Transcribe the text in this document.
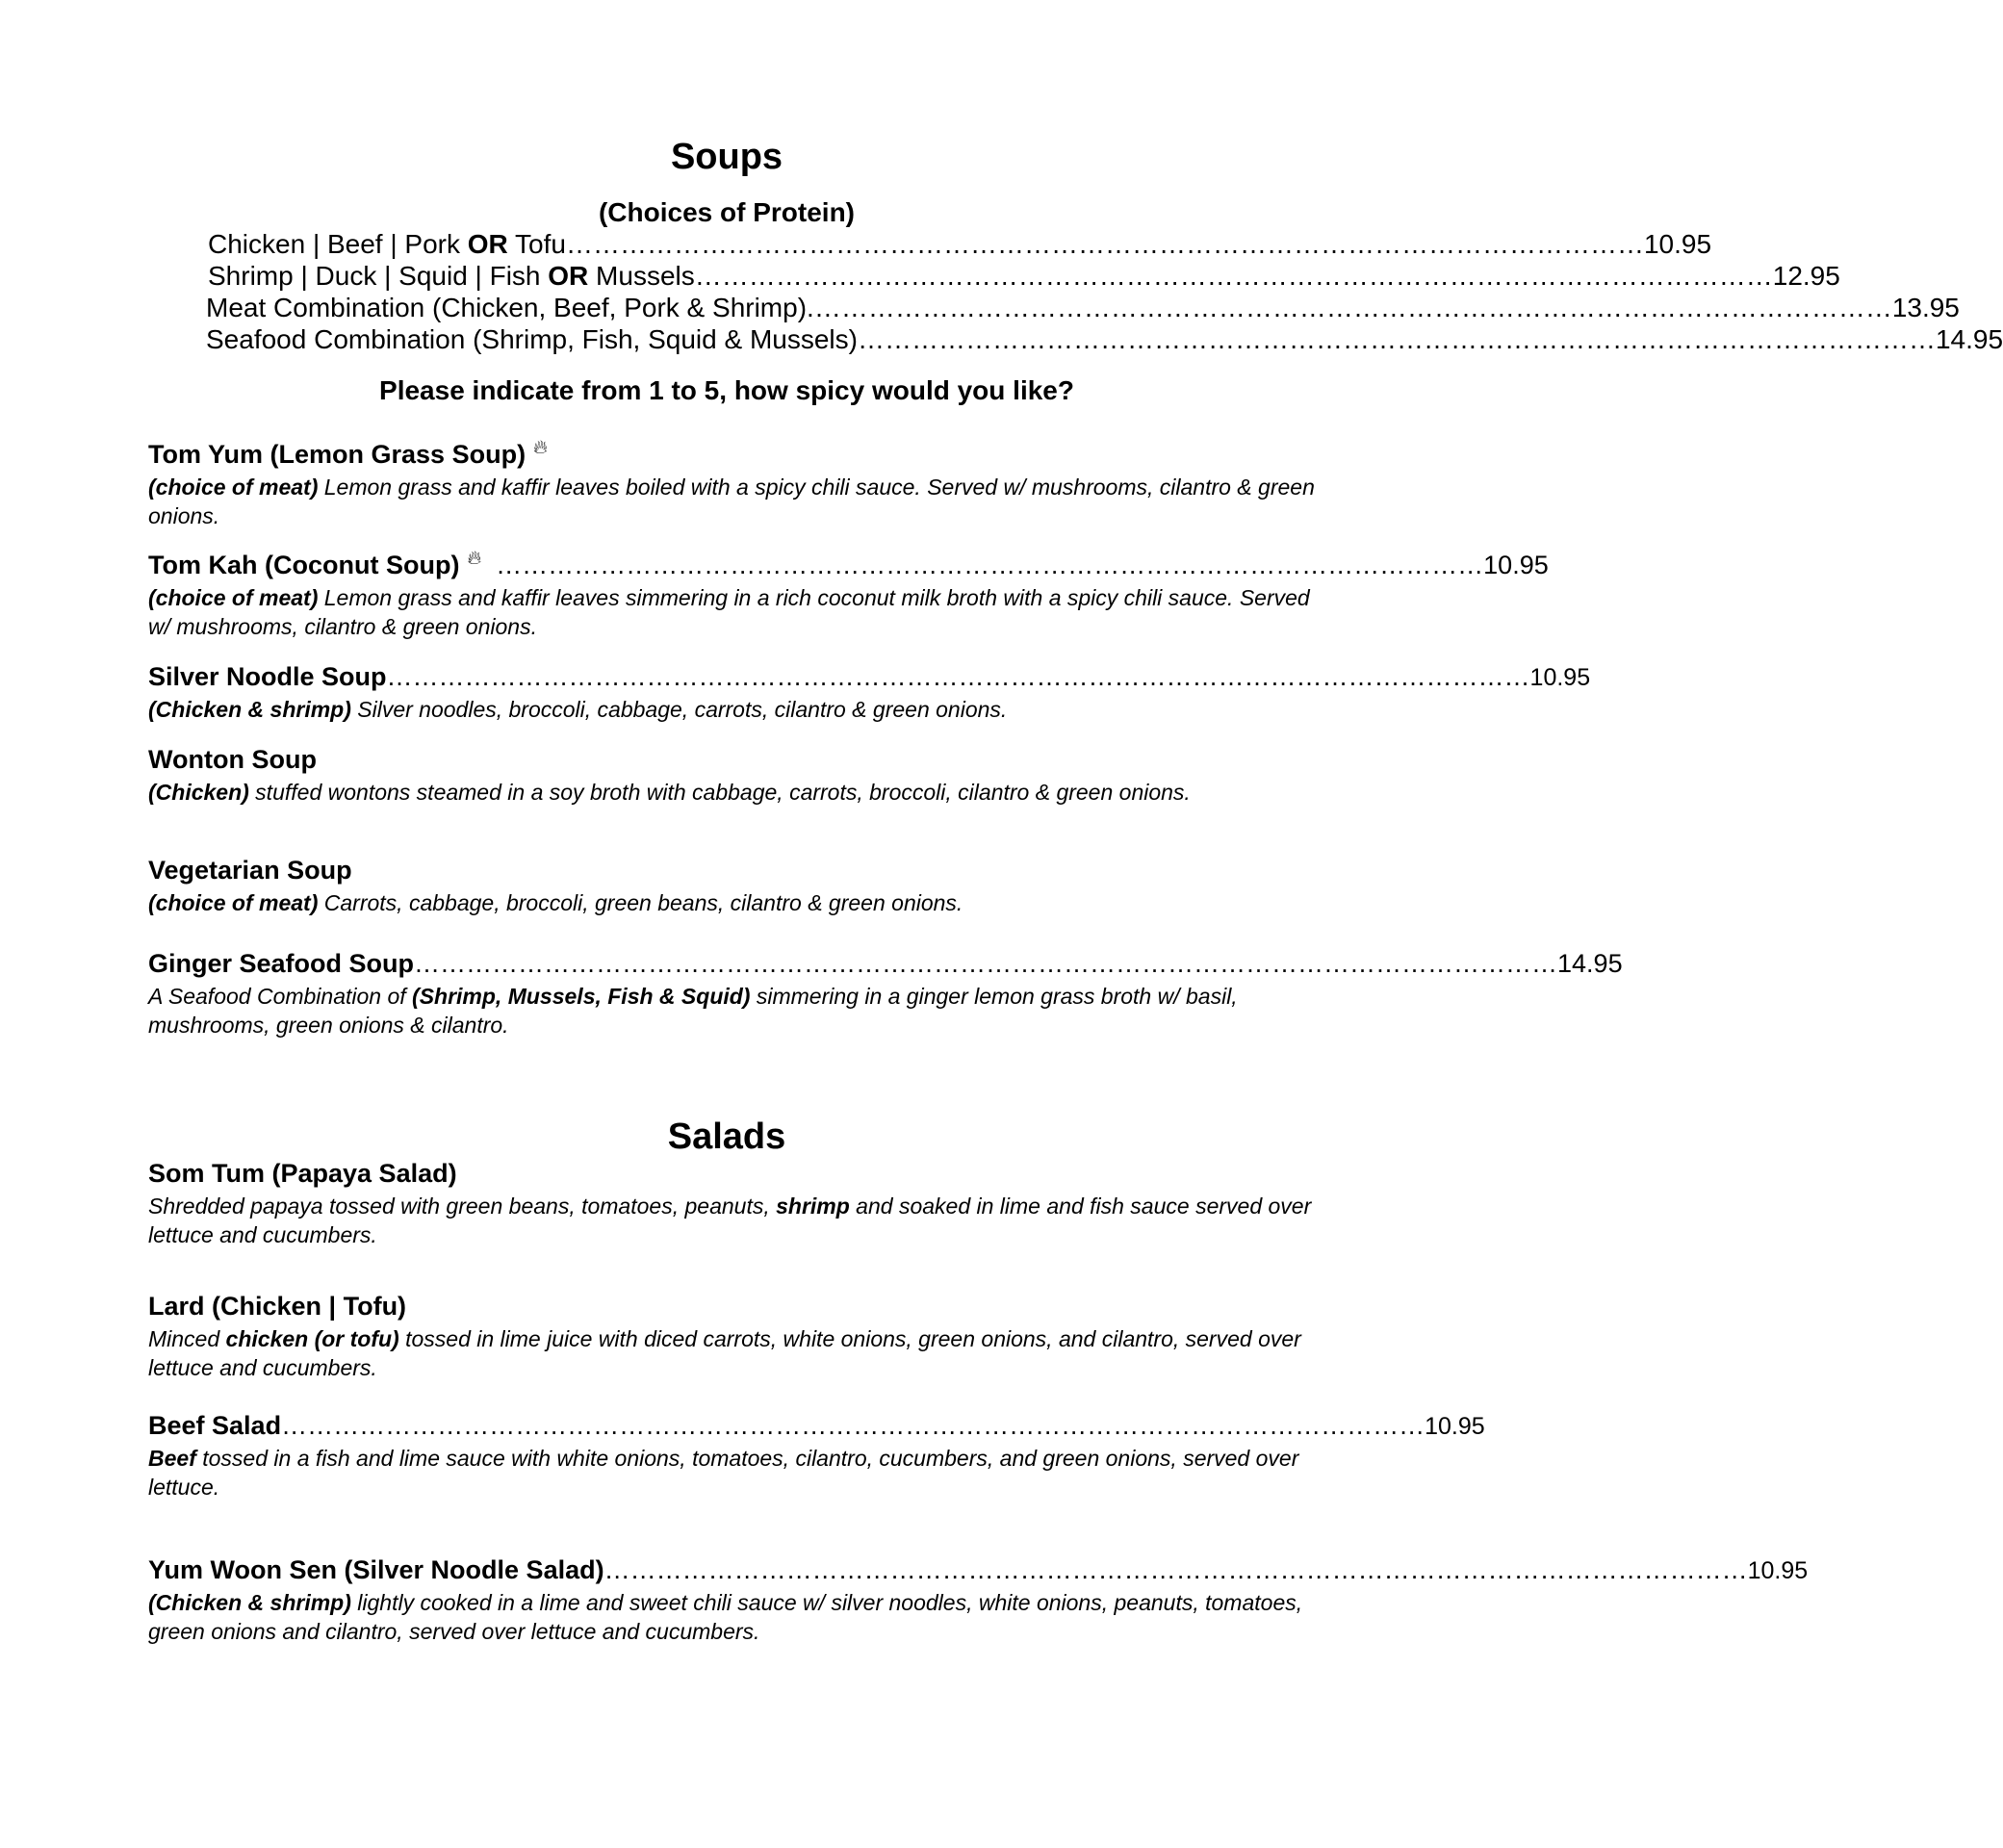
Soups
(Choices of Protein)
Chicken | Beef | Pork OR Tofu ………………………………………………………………………………………………………… 10.95
Shrimp | Duck | Squid | Fish OR Mussels ………………………………………………………………………………………………………… 12.95
Meat Combination (Chicken, Beef, Pork & Shrimp). ………………………………………………………………………………………………………… 13.95
Seafood Combination (Shrimp, Fish, Squid & Mussels) ………………………………………………………………………………………………………… 14.95
Please indicate from 1 to 5, how spicy would you like?
Tom Yum (Lemon Grass Soup) 🔥︎

(choice of meat) Lemon grass and kaffir leaves boiled with a spicy chili sauce. Served w/ mushrooms, cilantro & green onions.

Tom Kah (Coconut Soup) 🔥︎ …………………………………………………………………………………………………… 10.95

(choice of meat) Lemon grass and kaffir leaves simmering in a rich coconut milk broth with a spicy chili sauce. Served w/ mushrooms, cilantro & green onions.

Silver Noodle Soup …………………………………………………………………………………………………………………… 10.95

(Chicken & shrimp) Silver noodles, broccoli, cabbage, carrots, cilantro & green onions.

Wonton Soup

(Chicken) stuffed wontons steamed in a soy broth with cabbage, carrots, broccoli, cilantro & green onions.

Vegetarian Soup

(choice of meat) Carrots, cabbage, broccoli, green beans, cilantro & green onions.

Ginger Seafood Soup …………………………………………………………………………………………………………………… 14.95

A Seafood Combination of (Shrimp, Mussels, Fish & Squid) simmering in a ginger lemon grass broth w/ basil, mushrooms, green onions & cilantro.

Salads
Som Tum (Papaya Salad)

Shredded papaya tossed with green beans, tomatoes, peanuts, shrimp and soaked in lime and fish sauce served over lettuce and cucumbers.

Lard (Chicken | Tofu)

Minced chicken (or tofu) tossed in lime juice with diced carrots, white onions, green onions, and cilantro, served over lettuce and cucumbers.

Beef Salad …………………………………………………………………………………………………………………… 10.95

Beef tossed in a fish and lime sauce with white onions, tomatoes, cilantro, cucumbers, and green onions, served over lettuce.

Yum Woon Sen (Silver Noodle Salad) …………………………………………………………………………………………………………………… 10.95

(Chicken & shrimp) lightly cooked in a lime and sweet chili sauce w/ silver noodles, white onions, peanuts, tomatoes, green onions and cilantro, served over lettuce and cucumbers.
